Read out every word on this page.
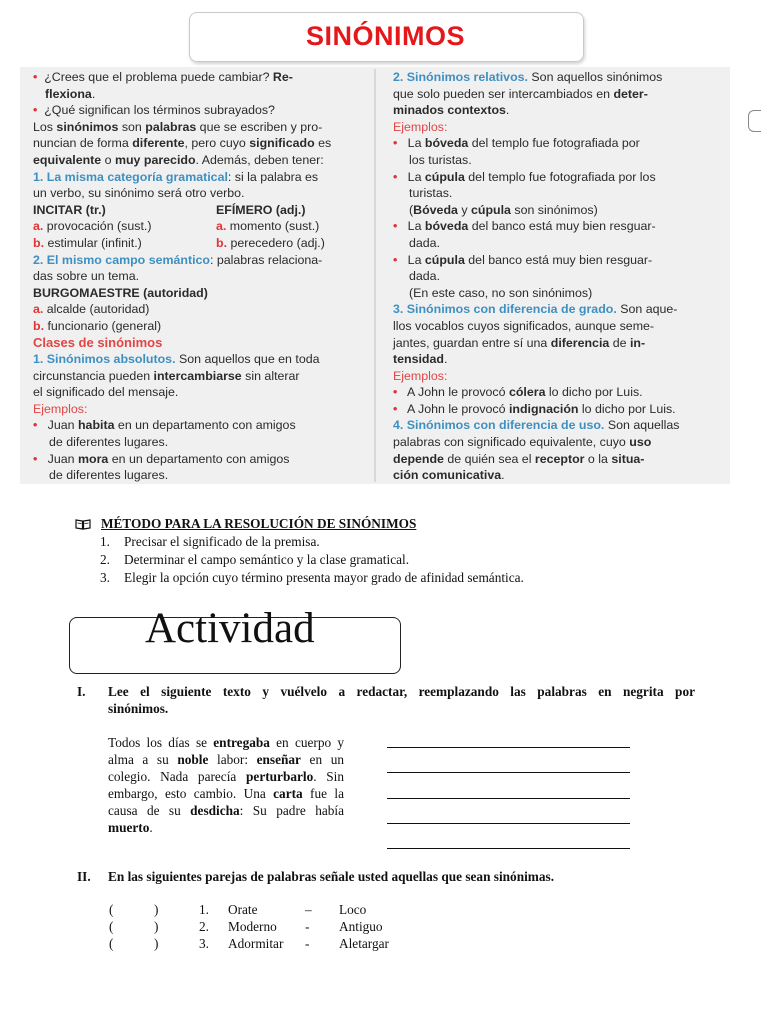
SINÓNIMOS

• ¿Crees que el problema puede cambiar? Re-
flexiona.

• ¿Qué significan los términos subrayados?

Los sinónimos son palabras que se escriben y pro-
nuncian de forma diferente, pero cuyo significado es
equivalente o muy parecido. Además, deben tener:

1. La misma categoría gramatical: si la palabra es
un verbo, su sinónimo será otro verbo.

INCITAR (tr.)	EFÍMERO (adj.)

a. provocación (sust.)	a. momento (sust.)

b. estimular (infinit.)	b. perecedero (adj.)

2. El mismo campo semántico: palabras relaciona-
das sobre un tema.

BURGOMAESTRE (autoridad)

a. alcalde (autoridad)

b. funcionario (general)

Clases de sinónimos

1. Sinónimos absolutos. Son aquellos que en toda
circunstancia pueden intercambiarse sin alterar
el significado del mensaje.

Ejemplos:

• Juan habita en un departamento con amigos
de diferentes lugares.

• Juan mora en un departamento con amigos
de diferentes lugares.

2. Sinónimos relativos. Son aquellos sinónimos
que solo pueden ser intercambiados en deter-
minados contextos.

Ejemplos:

• La bóveda del templo fue fotografiada por
los turistas.

• La cúpula del templo fue fotografiada por los
turistas.

(Bóveda y cúpula son sinónimos)

• La bóveda del banco está muy bien resguar-
dada.

• La cúpula del banco está muy bien resguar-
dada.

(En este caso, no son sinónimos)

3. Sinónimos con diferencia de grado. Son aque-
llos vocablos cuyos significados, aunque seme-
jantes, guardan entre sí una diferencia de in-
tensidad.

Ejemplos:

• A John le provocó cólera lo dicho por Luis.

• A John le provocó indignación lo dicho por Luis.

4. Sinónimos con diferencia de uso. Son aquellas
palabras con significado equivalente, cuyo uso
depende de quién sea el receptor o la situa-
ción comunicativa.

MÉTODO PARA LA RESOLUCIÓN DE SINÓNIMOS
1. Precisar el significado de la premisa.
2. Determinar el campo semántico y la clase gramatical.
3. Elegir la opción cuyo término presenta mayor grado de afinidad semántica.
Actividad
I. Lee el siguiente texto y vuélvelo a redactar, reemplazando las palabras en negrita por
sinónimos.
Todos los días se entregaba en cuerpo y alma a su noble labor: enseñar en un colegio. Nada parecía perturbarlo. Sin embargo, esto cambio. Una carta fue la causa de su desdicha: Su padre había muerto.
II. En las siguientes parejas de palabras señale usted aquellas que sean sinónimas.
(	)	1. Orate	– Loco
(	)	2. Moderno - Antiguo
(	)	3. Adormitar - Aletargar
